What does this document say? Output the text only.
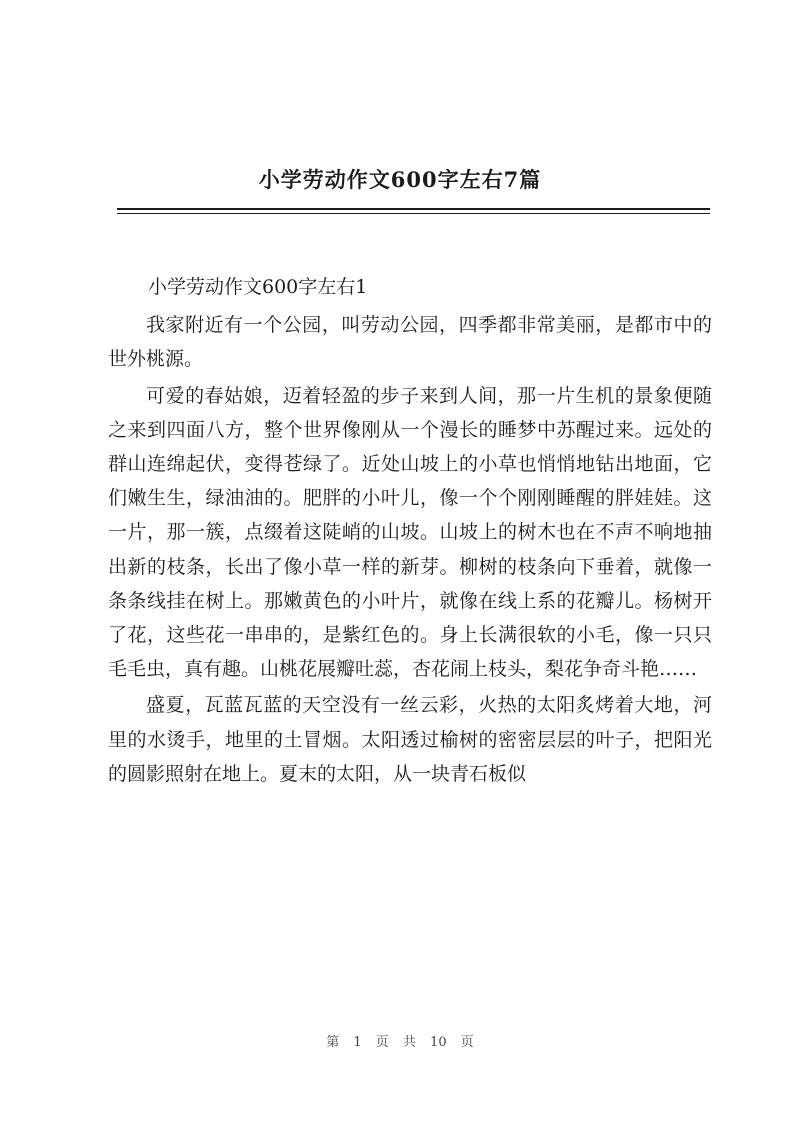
小学劳动作文600字左右7篇

小学劳动作文600字左右1

我家附近有一个公园，叫劳动公园，四季都非常美丽，是都市中的世外桃源。

可爱的春姑娘，迈着轻盈的步子来到人间，那一片生机的景象便随之来到四面八方，整个世界像刚从一个漫长的睡梦中苏醒过来。远处的群山连绵起伏，变得苍绿了。近处山坡上的小草也悄悄地钻出地面，它们嫩生生，绿油油的。肥胖的小叶儿，像一个个刚刚睡醒的胖娃娃。这一片，那一簇，点缀着这陡峭的山坡。山坡上的树木也在不声不响地抽出新的枝条，长出了像小草一样的新芽。柳树的枝条向下垂着，就像一条条线挂在树上。那嫩黄色的小叶片，就像在线上系的花瓣儿。杨树开了花，这些花一串串的，是紫红色的。身上长满很软的小毛，像一只只毛毛虫，真有趣。山桃花展瓣吐蕊，杏花闹上枝头，梨花争奇斗艳……

盛夏，瓦蓝瓦蓝的天空没有一丝云彩，火热的太阳炙烤着大地，河里的水烫手，地里的土冒烟。太阳透过榆树的密密层层的叶子，把阳光的圆影照射在地上。夏末的太阳，从一块青石板似

第 1 页 共 10 页
